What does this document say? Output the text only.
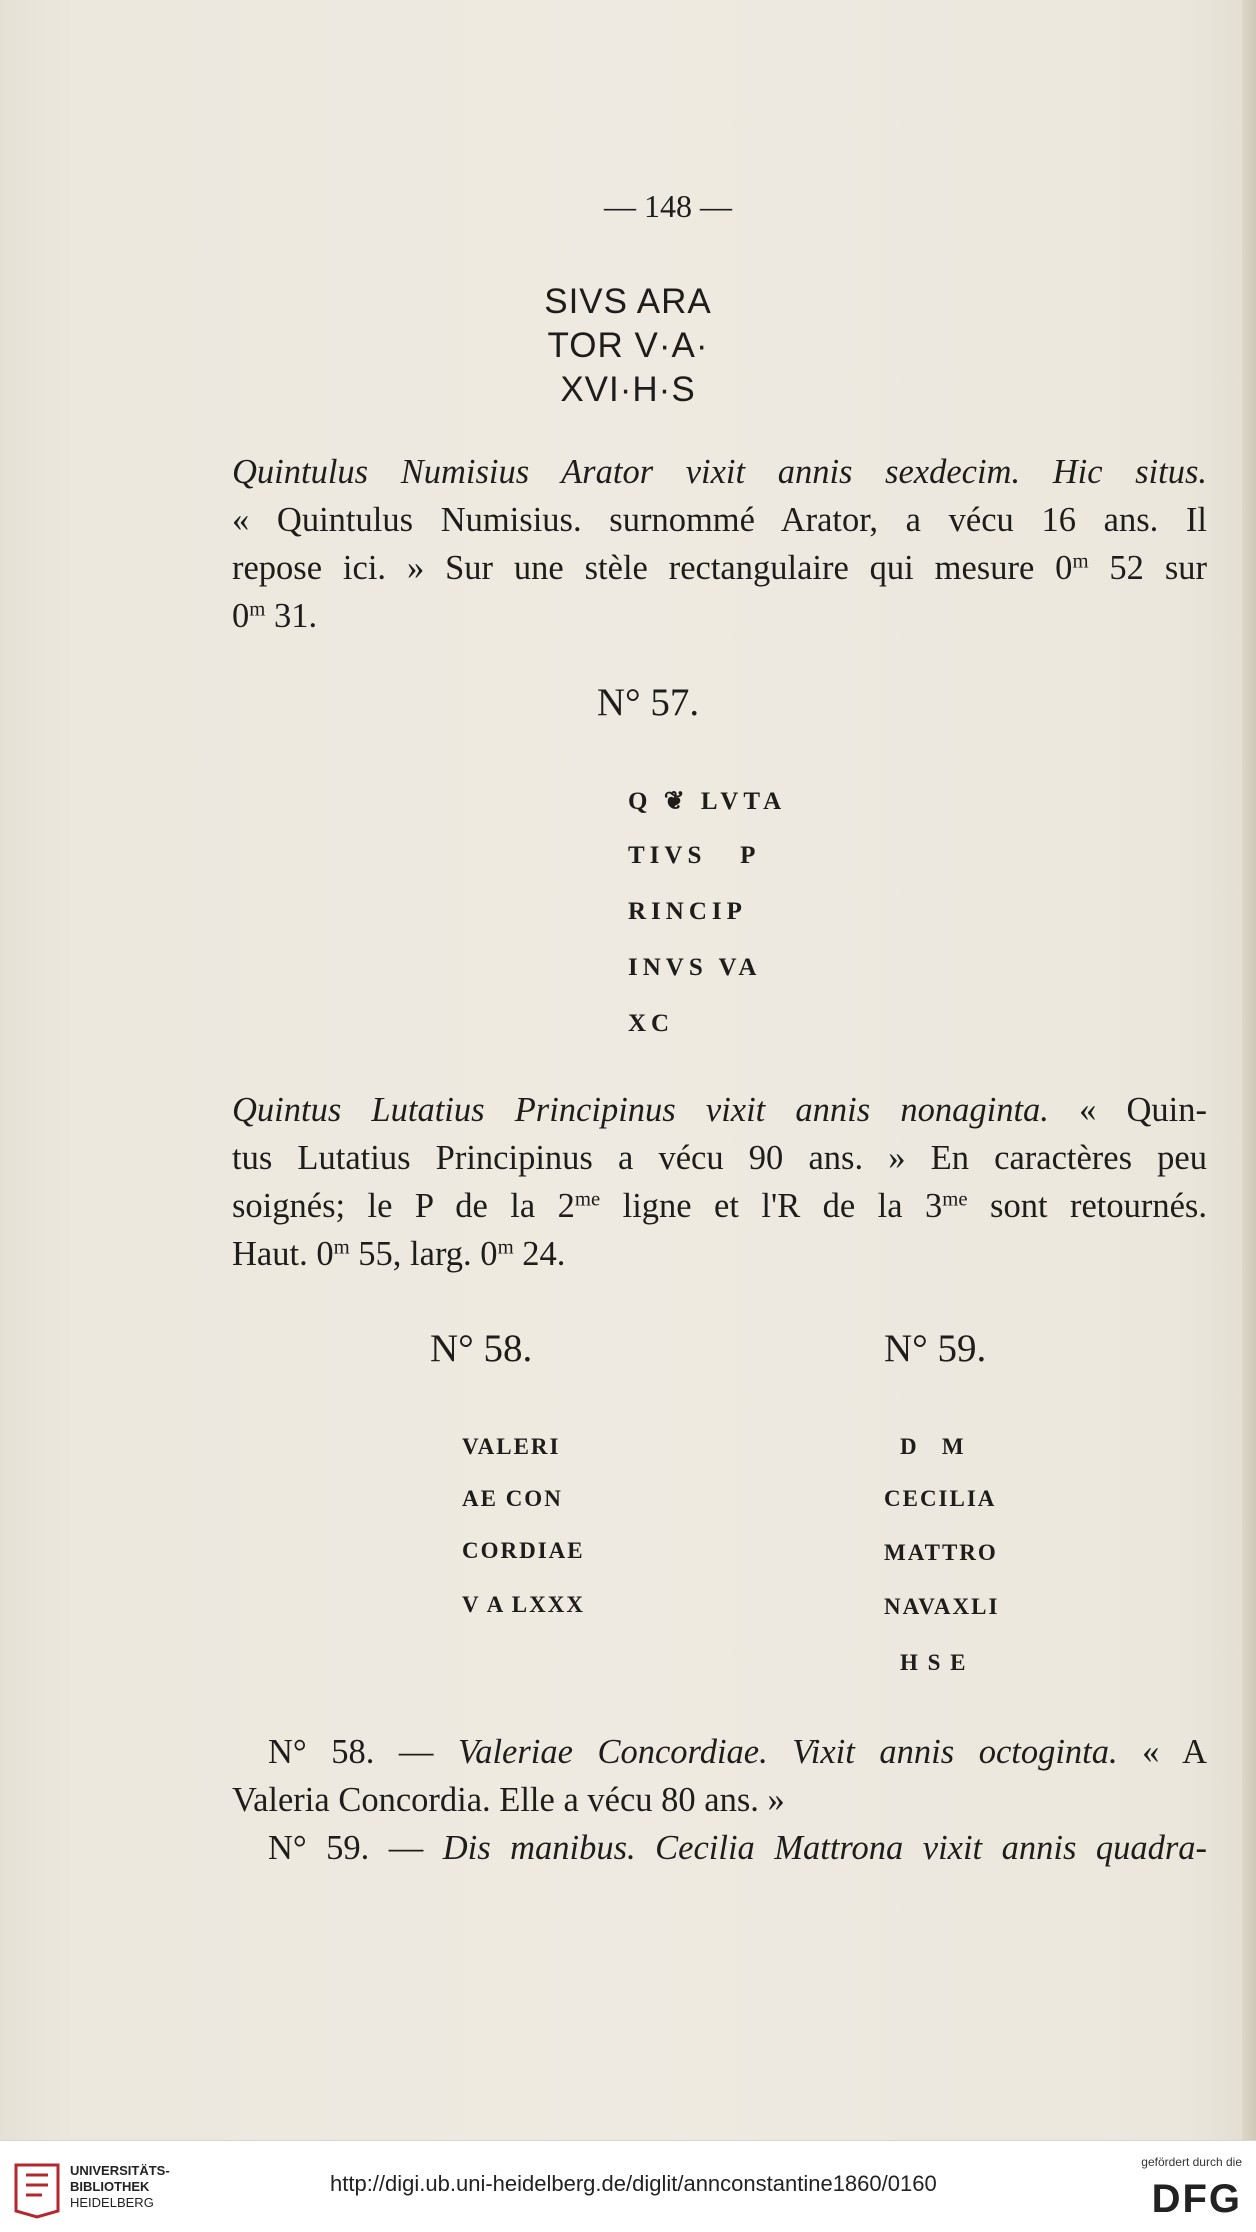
— 148 —
SIVS ARA
TOR V·A·
XVI·H·S
Quintulus Numisius Arator vixit annis sexdecim. Hic situs.
« Quintulus Numisius. surnommé Arator, a vécu 16 ans. Il
repose ici. » Sur une stèle rectangulaire qui mesure 0$^m$ 52 sur
0$^m$ 31.
N° 57.
Q ❦ LVTA
TIVS   P
RINCIP
INVS VA
XC
Quintus Lutatius Principinus vixit annis nonaginta. « Quin-
tus Lutatius Principinus a vécu 90 ans. » En caractères peu
soignés; le P de la $2^{me}$ ligne et l'R de la $3^{me}$ sont retournés.
Haut. 0$^m$ 55, larg. 0$^m$ 24.
N° 58.	N° 59.
VALERI
AE CON
CORDIAE
V A LXXX
D   M
CECILIA
MATTRO
NAVAXLI
H S E
N° 58. — Valeriae Concordiae. Vixit annis octoginta. « A
Valeria Concordia. Elle a vécu 80 ans. »
N° 59. — Dis manibus. Cecilia Mattrona vixit annis quadra-
UNIVERSITÄTS-
BIBLIOTHEK
HEIDELBERG
http://digi.ub.uni-heidelberg.de/diglit/annconstantine1860/0160
gefördert durch die
DFG
